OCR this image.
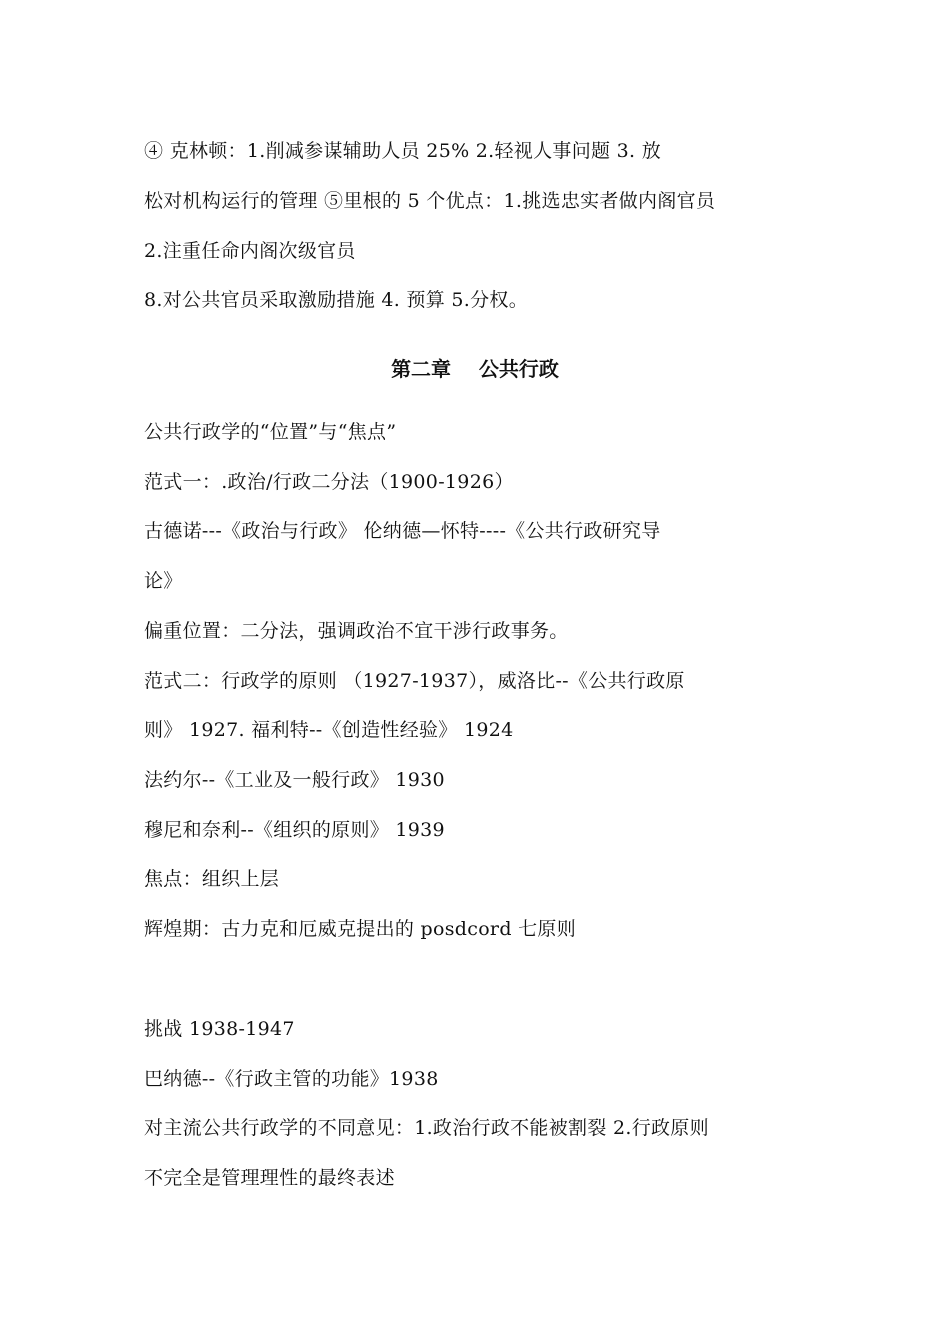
④ 克林顿：1.削减参谋辅助人员 25% 2.轻视人事问题 3. 放
松对机构运行的管理 ⑤里根的 5 个优点：1.挑选忠实者做内阁官员
2.注重任命内阁次级官员
8.对公共官员采取激励措施 4. 预算 5.分权。
第二章    公共行政
公共行政学的“位置”与“焦点”
范式一：.政治/行政二分法（1900-1926）
古德诺---《政治与行政》 伦纳德—怀特----《公共行政研究导
论》
偏重位置：二分法，强调政治不宜干涉行政事务。
范式二：行政学的原则 （1927-1937），威洛比--《公共行政原
则》 1927. 福利特--《创造性经验》 1924
法约尔--《工业及一般行政》 1930
穆尼和奈利--《组织的原则》 1939
焦点：组织上层
辉煌期：古力克和厄威克提出的 posdcord 七原则
挑战 1938-1947
巴纳德--《行政主管的功能》1938
对主流公共行政学的不同意见：1.政治行政不能被割裂 2.行政原则
不完全是管理理性的最终表述
